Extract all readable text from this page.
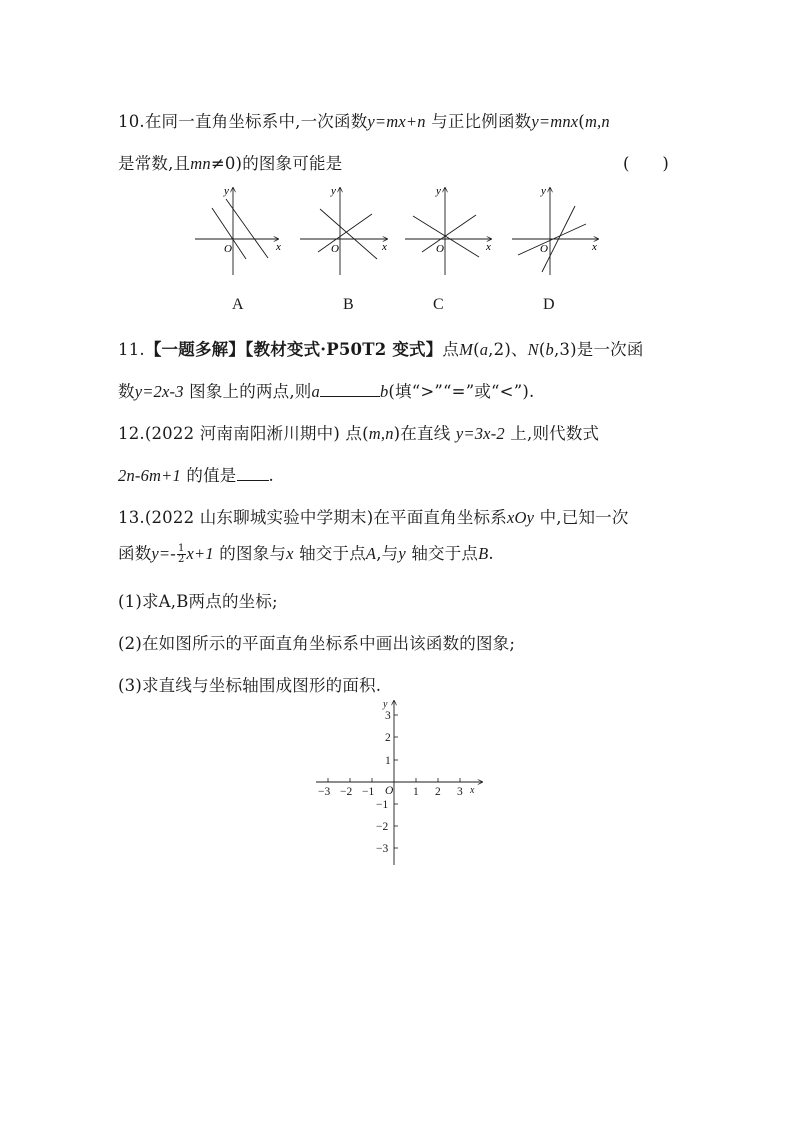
10.在同一直角坐标系中,一次函数y=mx+n 与正比例函数y=mnx(m,n
是常数,且mn≠0)的图象可能是	(　　)
O	x
y
O	x
y
O	x
y
O	x
y
A	B	C	D
11.【一题多解】【教材变式·P50T2 变式】点M(a,2)、N(b,3)是一次函
数y=2x-3 图象上的两点,则a	b(填“>”“=”或“<”).
12.(2022 河南南阳淅川期中) 点(m,n)在直线 y=3x-2 上,则代数式
2n-6m+1 的值是 .
13.(2022 山东聊城实验中学期末)在平面直角坐标系xOy 中,已知一次
函数$y=- \frac{1}{2} x+1$ 的图象与x 轴交于点A,与y 轴交于点B.
(1)求A,B两点的坐标;
(2)在如图所示的平面直角坐标系中画出该函数的图象;
(3)求直线与坐标轴围成图形的面积.
−3 −2 −1	1 2 3
3
2
1
−1
−2
−3
O	x
y
